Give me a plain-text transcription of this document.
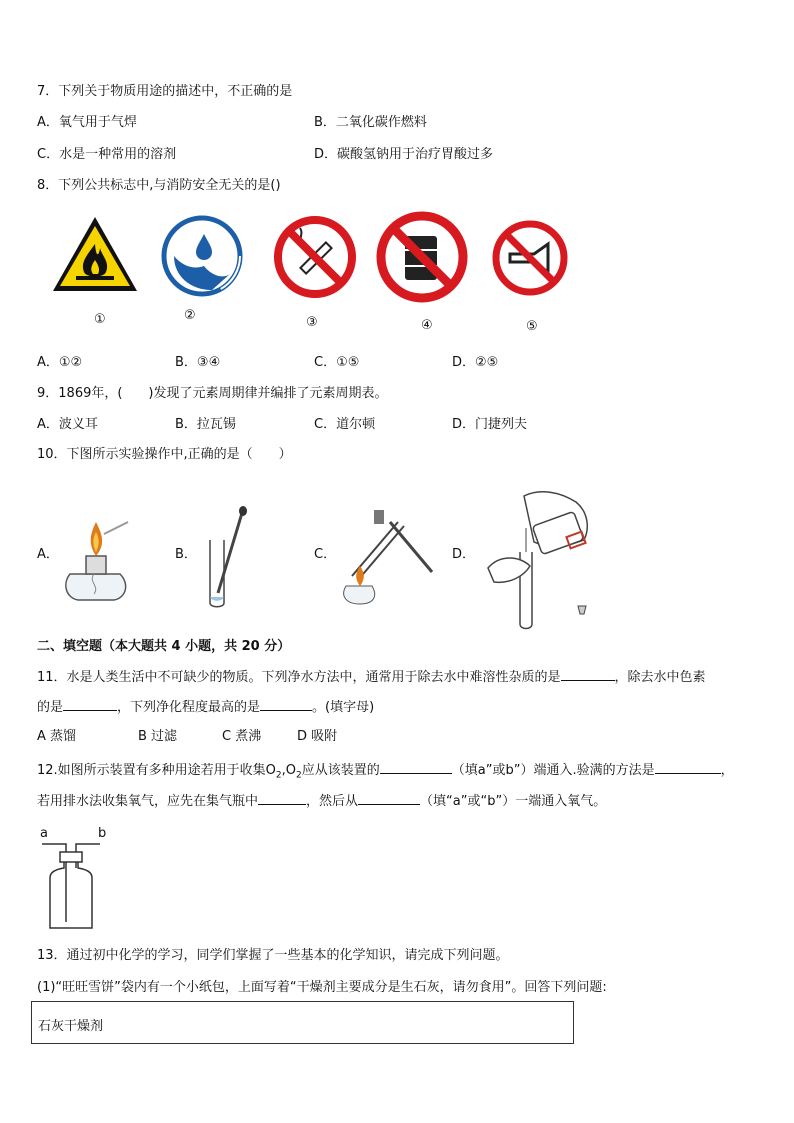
7．下列关于物质用途的描述中，不正确的是
A．氧气用于气焊	B．二氧化碳作燃料
C．水是一种常用的溶剂	D．碳酸氢钠用于治疗胃酸过多
8．下列公共标志中,与消防安全无关的是()
①	②	③	④	⑤
A．①②	B．③④	C．①⑤	D．②⑤
9．1869年，(　　)发现了元素周期律并编排了元素周期表。
A．波义耳	B．拉瓦锡	C．道尔顿	D．门捷列夫
10．下图所示实验操作中,正确的是（　　）
A．	B．	C．	D．
二、填空题（本大题共 4 小题，共 20 分）
11．水是人类生活中不可缺少的物质。下列净水方法中，通常用于除去水中难溶性杂质的是	，除去水中色素
的是	，下列净化程度最高的是	。(填字母)
A 蒸馏	B 过滤	C 煮沸	D 吸附
12.如图所示装置有多种用途若用于收集$O_2,O_2$应从该装置的	（填a”或b”）端通入.验满的方法是	，
若用排水法收集氧气，应先在集气瓶中	，然后从	（填“a”或“b”）一端通入氧气。
a	b
13．通过初中化学的学习，同学们掌握了一些基本的化学知识，请完成下列问题。
(1)“旺旺雪饼”袋内有一个小纸包，上面写着“干燥剂主要成分是生石灰，请勿食用”。回答下列问题:
石灰干燥剂
